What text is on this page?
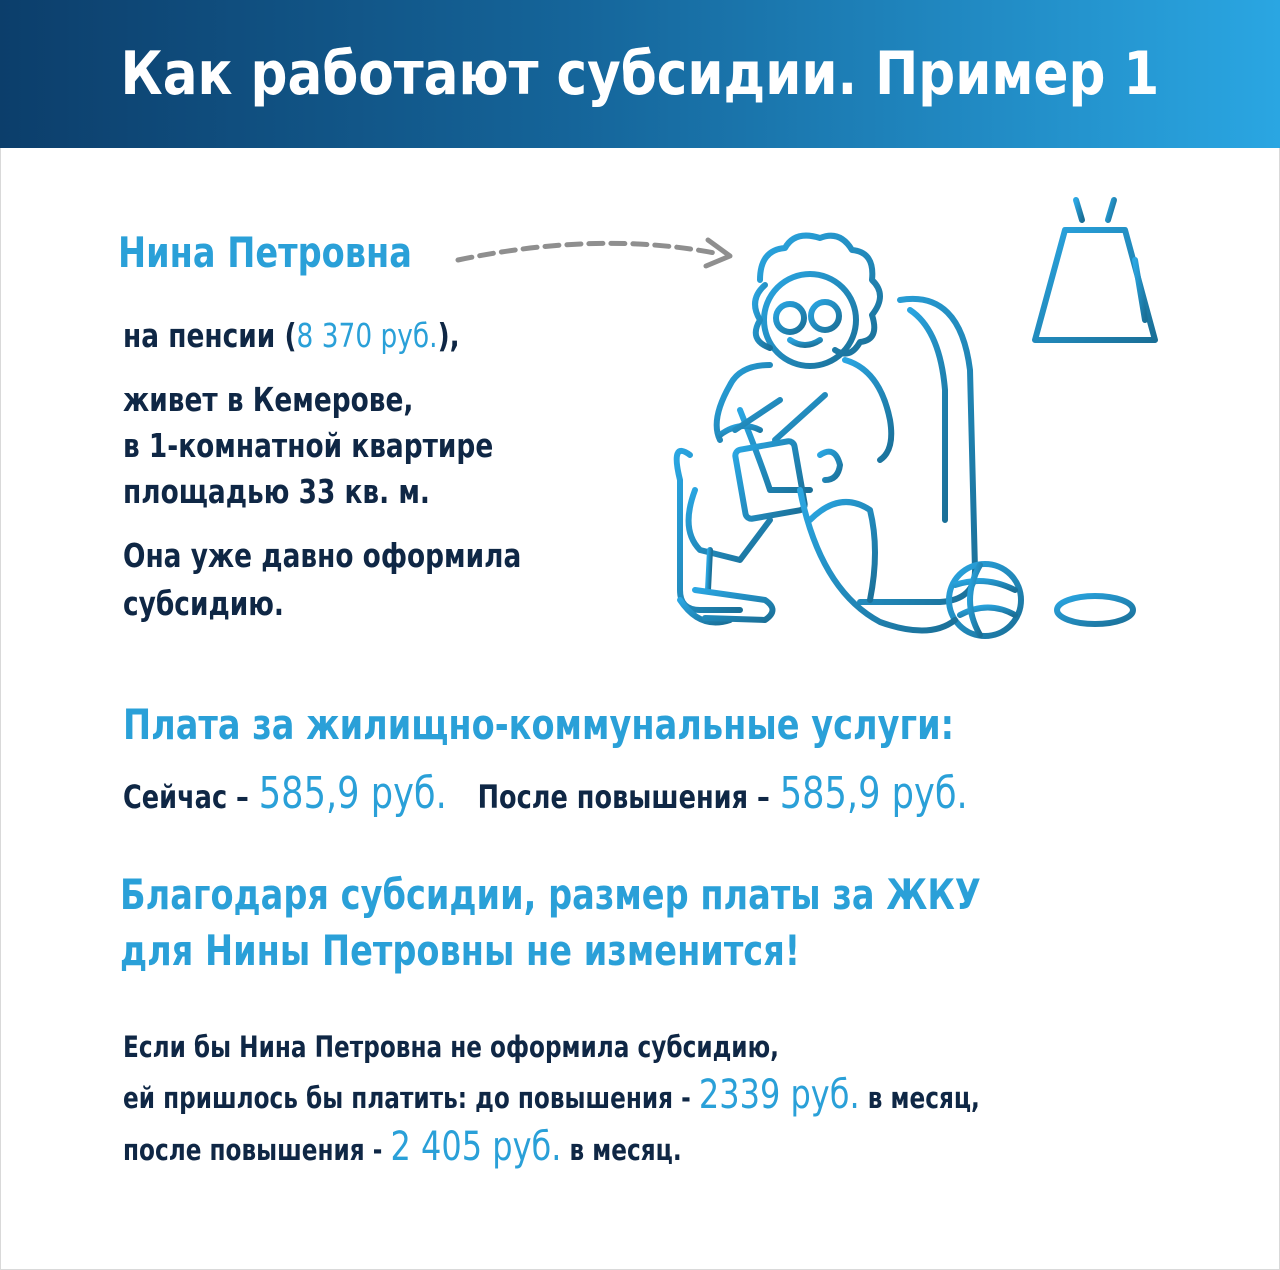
Как работают субсидии. Пример 1
Нина Петровна
на пенсии (8 370 руб.),
живет в Кемерове,
в 1-комнатной квартире
площадью 33 кв. м.
Она уже давно оформила
субсидию.
Плата за жилищно-коммунальные услуги:
Сейчас – 585,9 руб. После повышения – 585,9 руб.
Благодаря субсидии, размер платы за ЖКУ
для Нины Петровны не изменится!
Если бы Нина Петровна не оформила субсидию,
ей пришлось бы платить: до повышения - 2339 руб. в месяц,
после повышения - 2 405 руб. в месяц.
